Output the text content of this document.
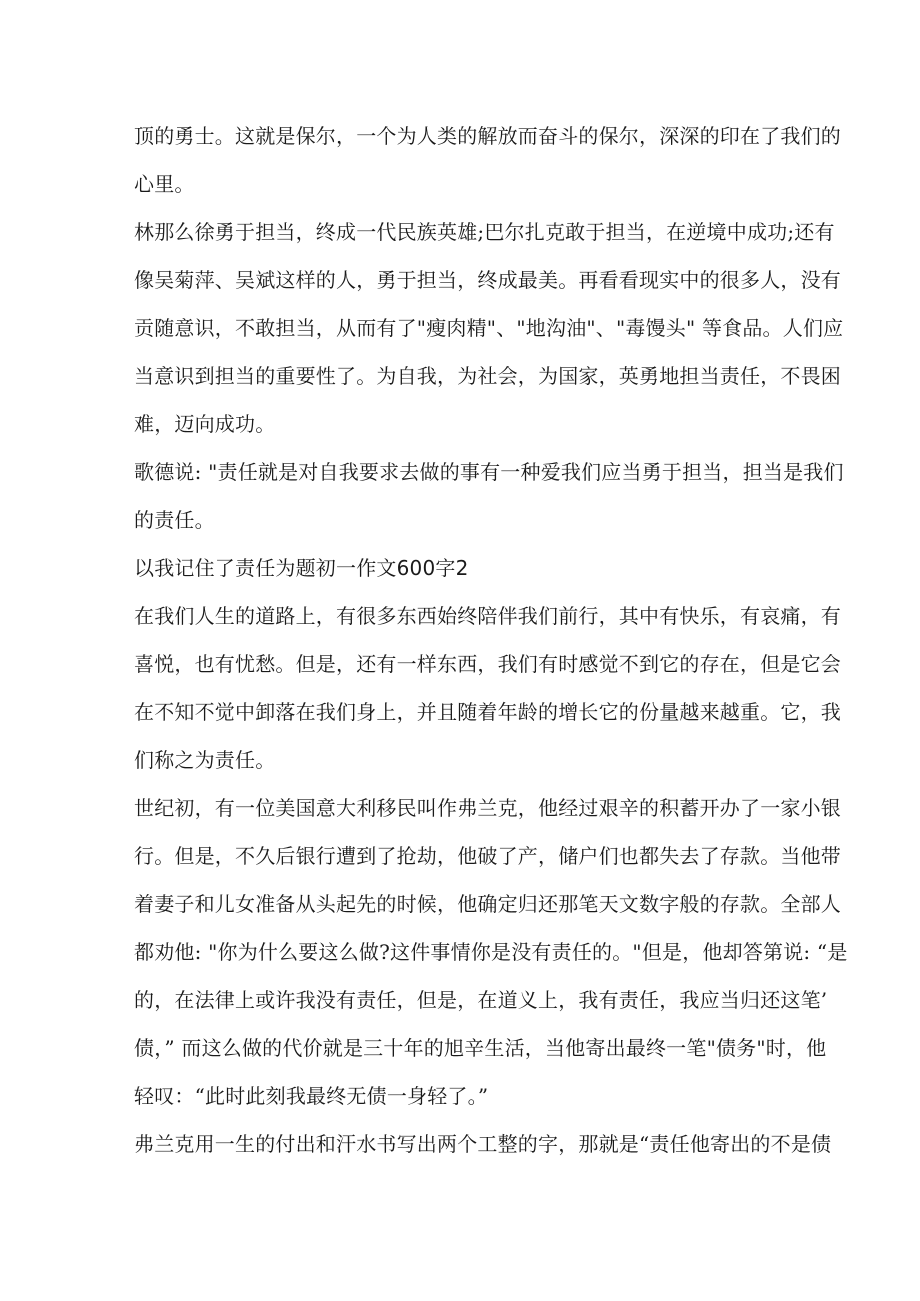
顶的勇士。这就是保尔，一个为人类的解放而奋斗的保尔，深深的印在了我们的
心里。

林那么徐勇于担当，终成一代民族英雄;巴尔扎克敢于担当，在逆境中成功;还有
像吴菊萍、吴斌这样的人，勇于担当，终成最美。再看看现实中的很多人，没有
贡随意识，不敢担当，从而有了"瘦肉精"、"地沟油"、"毒馒头" 等食品。人们应
当意识到担当的重要性了。为自我，为社会，为国家，英勇地担当责任，不畏困
难，迈向成功。

歌德说: "责任就是对自我要求去做的事有一种爱我们应当勇于担当，担当是我们
的责任。

以我记住了责任为题初一作文600字2

在我们人生的道路上，有很多东西始终陪伴我们前行，其中有快乐，有哀痛，有
喜悦，也有忧愁。但是，还有一样东西，我们有时感觉不到它的存在，但是它会
在不知不觉中卸落在我们身上，并且随着年龄的增长它的份量越来越重。它，我
们称之为责任。

世纪初，有一位美国意大利移民叫作弗兰克，他经过艰辛的积蓄开办了一家小银
行。但是，不久后银行遭到了抢劫，他破了产，储户们也都失去了存款。当他带
着妻子和儿女准备从头起先的时候，他确定归还那笔天文数字般的存款。全部人
都劝他: "你为什么要这么做?这件事情你是没有责任的。"但是，他却答第说: “是
的，在法律上或许我没有责任，但是，在道义上，我有责任，我应当归还这笔’
债，” 而这么做的代价就是三十年的旭辛生活，当他寄出最终一笔"债务"时，他
轻叹：“此时此刻我最终无债一身轻了。”

弗兰克用一生的付出和汗水书写出两个工整的字，那就是“责任他寄出的不是债
